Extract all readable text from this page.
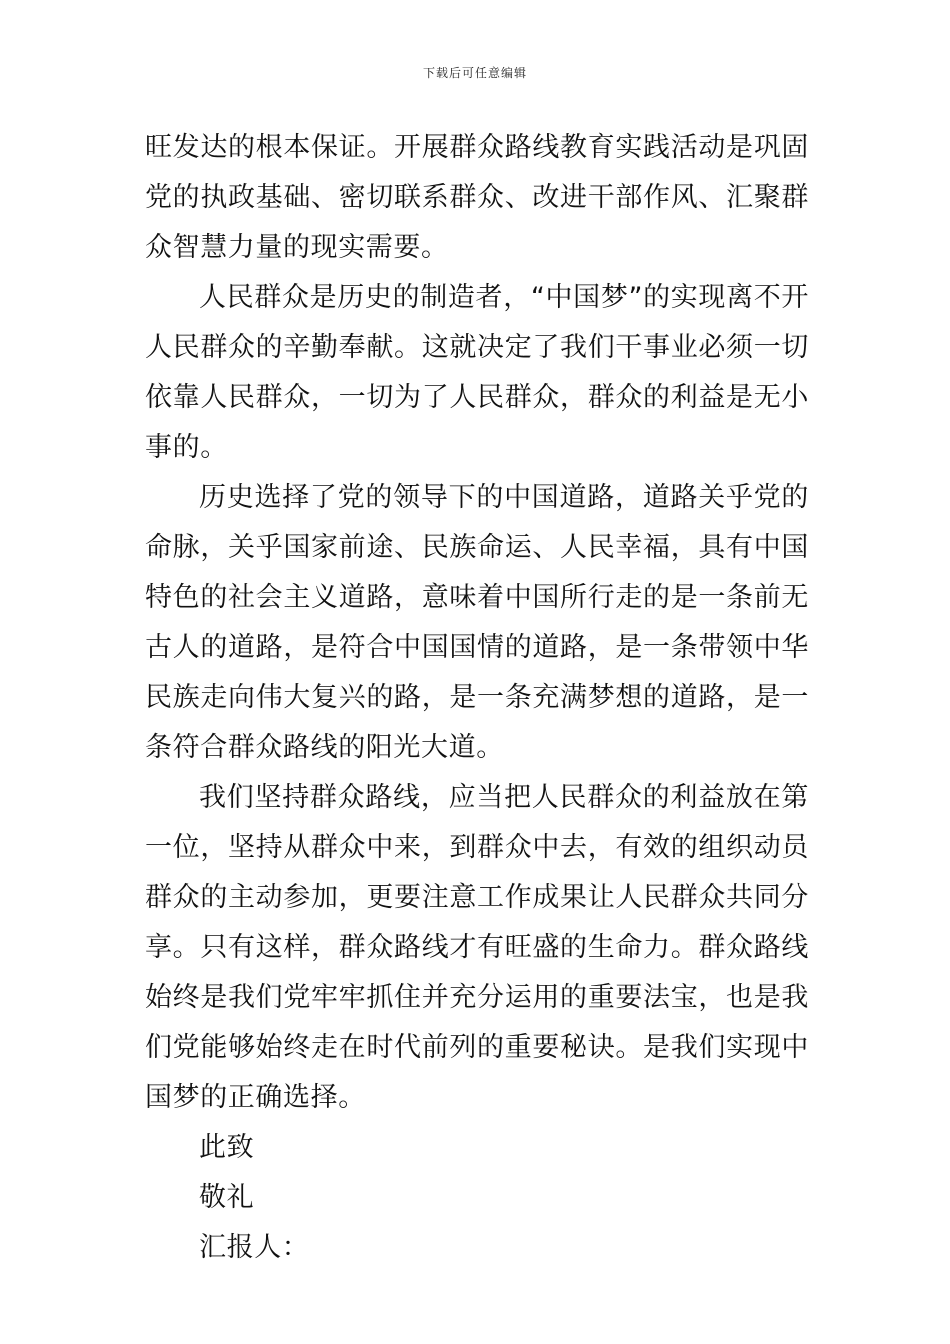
下载后可任意编辑

旺发达的根本保证。开展群众路线教育实践活动是巩固党的执政基础、密切联系群众、改进干部作风、汇聚群众智慧力量的现实需要。

人民群众是历史的制造者，“中国梦”的实现离不开人民群众的辛勤奉献。这就决定了我们干事业必须一切依靠人民群众，一切为了人民群众，群众的利益是无小事的。

历史选择了党的领导下的中国道路，道路关乎党的命脉，关乎国家前途、民族命运、人民幸福，具有中国特色的社会主义道路，意味着中国所行走的是一条前无古人的道路，是符合中国国情的道路，是一条带领中华民族走向伟大复兴的路，是一条充满梦想的道路，是一条符合群众路线的阳光大道。

我们坚持群众路线，应当把人民群众的利益放在第一位，坚持从群众中来，到群众中去，有效的组织动员群众的主动参加，更要注意工作成果让人民群众共同分享。只有这样，群众路线才有旺盛的生命力。群众路线始终是我们党牢牢抓住并充分运用的重要法宝，也是我们党能够始终走在时代前列的重要秘诀。是我们实现中国梦的正确选择。

此致

敬礼

汇报人：
